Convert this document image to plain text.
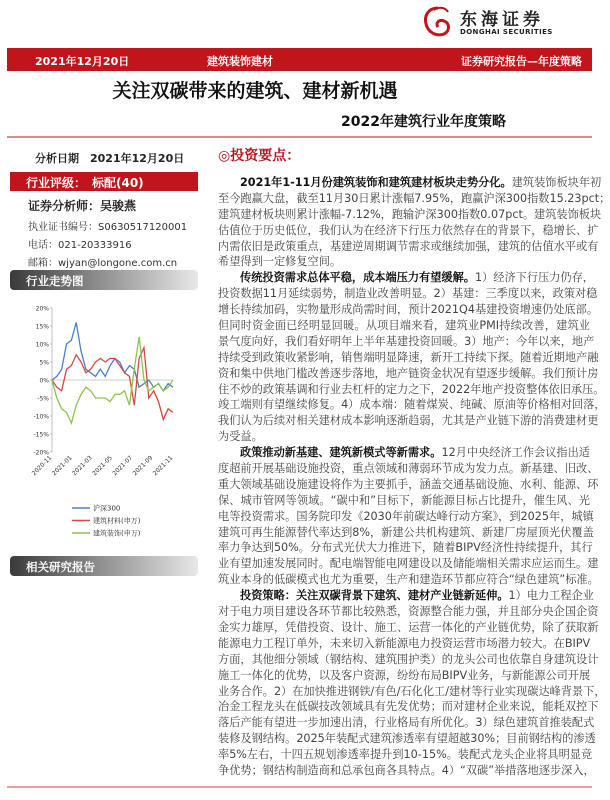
东海证券
DONGHAI SECURITIES
2021年12月20日	建筑装饰建材	证券研究报告—年度策略
关注双碳带来的建筑、建材新机遇
2022年建筑行业年度策略
分析日期　2021年12月20日
行业评级：　标配(40)
证券分析师：吴骏燕
执业证书编号：S0630517120001
电话：021-20333916
邮箱：wjyan@longone.com.cn
行业走势图
相关研究报告
20%
15%
10%
5%
0%
-5%
-10%
-15%
-20%
2020-11
2021-01
2021-03
2021-05
2021-07
2021-09
2021-11
沪深300
建筑材料(申万)
建筑装饰(申万)
◎投资要点：
2021年1-11月份建筑装饰和建筑建材板块走势分化。建筑装饰板块年初
至今跑赢大盘，截至11月30日累计涨幅7.95%，跑赢沪深300指数15.23pct；
建筑建材板块则累计涨幅-7.12%，跑输沪深300指数0.07pct。建筑装饰板块
估值位于历史低位，我们认为在经济下行压力依然存在的背景下，稳增长、扩
内需依旧是政策重点，基建逆周期调节需求或继续加强，建筑的估值水平或有
希望得到一定修复空间。
传统投资需求总体平稳，成本端压力有望缓解。1）经济下行压力仍存，
投资数据11月延续弱势，制造业改善明显。2）基建：三季度以来，政策对稳
增长持续加码，实物量形成尚需时间，预计2021Q4基建投资增速仍处底部。
但同时资金面已经明显回暖。从项目端来看，建筑业PMI持续改善，建筑业
景气度向好，我们看好明年上半年基建投资回暖。3）地产：今年以来，地产
持续受到政策收紧影响，销售端明显降速，新开工持续下探。随着近期地产融
资和集中供地门槛改善逐步落地，地产链资金状况有望逐步缓解。我们预计房
住不炒的政策基调和行业去杠杆的定力之下，2022年地产投资整体依旧承压。
竣工端则有望继续修复。4）成本端：随着煤炭、纯碱、原油等价格相对回落，
我们认为后续对相关建材成本影响逐渐趋弱，尤其是产业链下游的消费建材更
为受益。
政策推动新基建、建筑新模式等新需求。12月中央经济工作会议指出适
度超前开展基础设施投资，重点领域和薄弱环节成为发力点。新基建、旧改、
重大领域基础设施建设将作为主要抓手，涵盖交通基础设施、水利、能源、环
保、城市管网等领域。“碳中和”目标下，新能源目标占比提升，催生风、光
电等投资需求。国务院印发《2030年前碳达峰行动方案》，到2025年，城镇
建筑可再生能源替代率达到8%，新建公共机构建筑、新建厂房屋顶光伏覆盖
率力争达到50%。分布式光伏大力推进下，随着BIPV经济性持续提升，其行
业有望加速发展同时。配电端智能电网建设以及储能端相关需求应运而生。建
筑业本身的低碳模式也尤为重要，生产和建造环节都应符合“绿色建筑”标准。
投资策略：关注双碳背景下建筑、建材产业链新延伸。1）电力工程企业
对于电力项目建设各环节都比较熟悉，资源整合能力强，并且部分央企国企资
金实力雄厚，凭借投资、设计、施工、运营一体化的产业链优势，除了获取新
能源电力工程订单外，未来切入新能源电力投资运营市场潜力较大。在BIPV
方面，其他细分领域（钢结构、建筑围护类）的龙头公司也依靠自身建筑设计
施工一体化的优势，以及客户资源，纷纷布局BIPV业务，与新能源公司开展
业务合作。2）在加快推进钢铁/有色/石化化工/建材等行业实现碳达峰背景下，
冶金工程龙头在低碳技改领域具有先发优势；而对建材企业来说，能耗双控下
落后产能有望进一步加速出清，行业格局有所优化。3）绿色建筑首推装配式
装修及钢结构。2025年装配式建筑渗透率有望超越30%；目前钢结构的渗透
率5%左右，十四五规划渗透率提升到10-15%。装配式龙头企业将具明显竞
争优势；钢结构制造商和总承包商各具特点。4）“双碳”举措落地逐步深入，
